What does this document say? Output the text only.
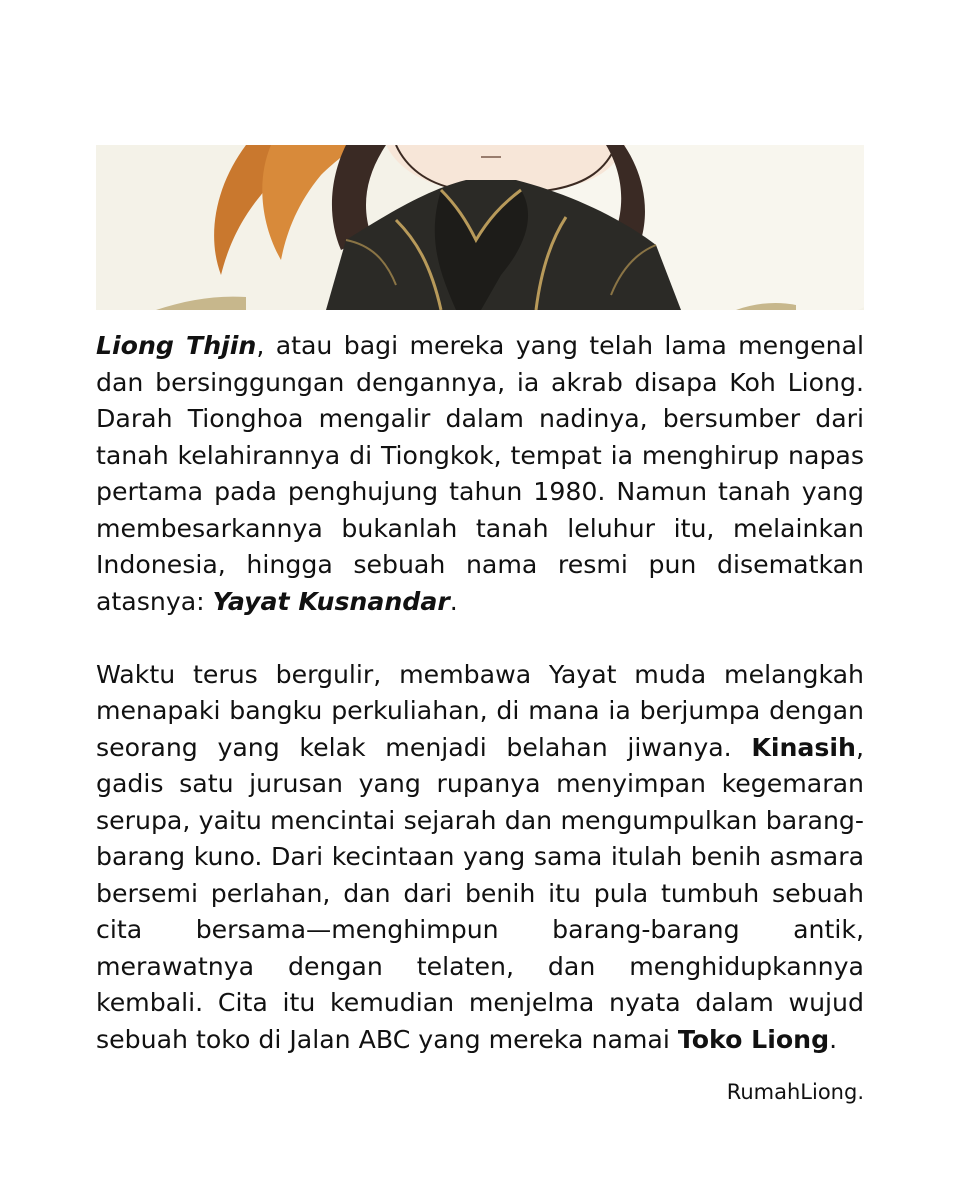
Liong Thjin, atau bagi mereka yang telah lama mengenal dan bersinggungan dengannya, ia akrab disapa Koh Liong. Darah Tionghoa mengalir dalam nadinya, bersumber dari tanah kelahirannya di Tiongkok, tempat ia menghirup napas pertama pada penghujung tahun 1980. Namun tanah yang membesarkannya bukanlah tanah leluhur itu, melainkan Indonesia, hingga sebuah nama resmi pun disematkan atasnya: Yayat Kusnandar.

Waktu terus bergulir, membawa Yayat muda melangkah menapaki bangku perkuliahan, di mana ia berjumpa dengan seorang yang kelak menjadi belahan jiwanya. Kinasih, gadis satu jurusan yang rupanya menyimpan kegemaran serupa, yaitu mencintai sejarah dan mengumpulkan barang-barang kuno. Dari kecintaan yang sama itulah benih asmara bersemi perlahan, dan dari benih itu pula tumbuh sebuah cita bersama—menghimpun barang-barang antik, merawatnya dengan telaten, dan menghidupkannya kembali. Cita itu kemudian menjelma nyata dalam wujud sebuah toko di Jalan ABC yang mereka namai Toko Liong.

RumahLiong.
